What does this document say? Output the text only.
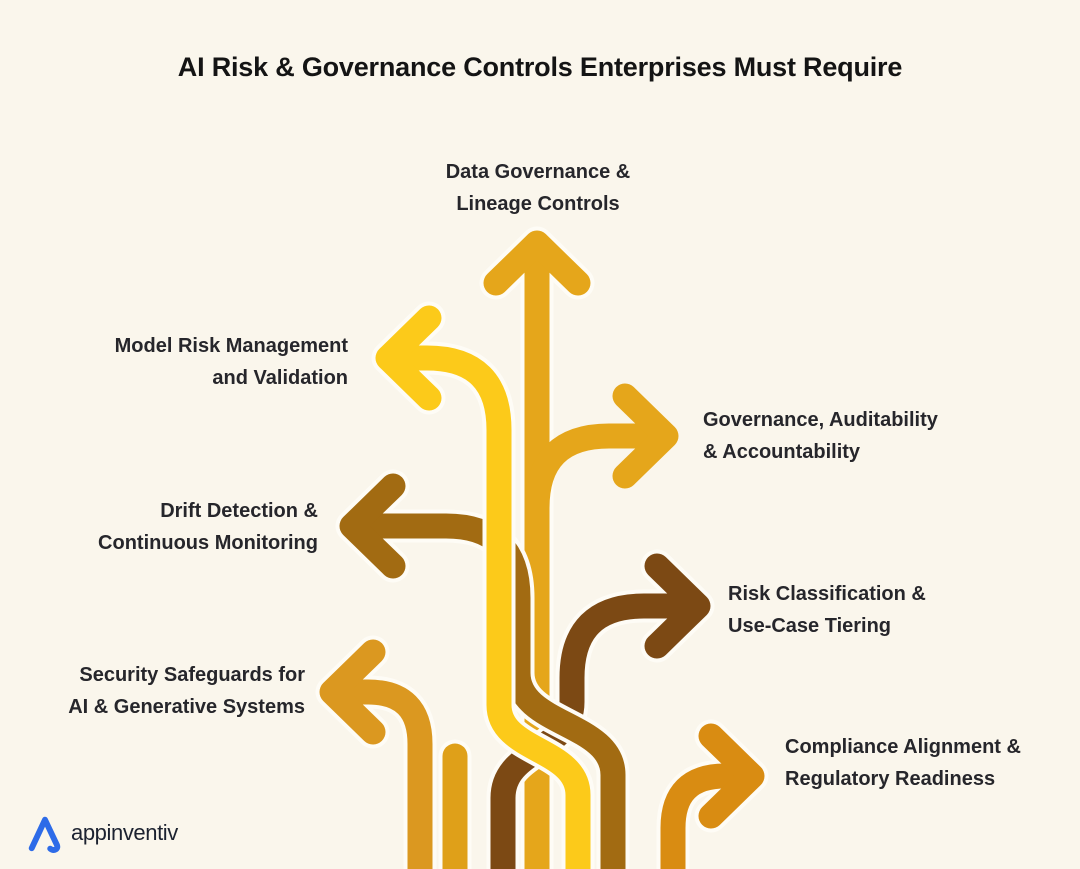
AI Risk & Governance Controls Enterprises Must Require
Data Governance &
Lineage Controls
Model Risk Management
and Validation
Governance, Auditability
& Accountability
Drift Detection &
Continuous Monitoring
Risk Classification &
Use-Case Tiering
Security Safeguards for
AI & Generative Systems
Compliance Alignment &
Regulatory Readiness
appinventiv
